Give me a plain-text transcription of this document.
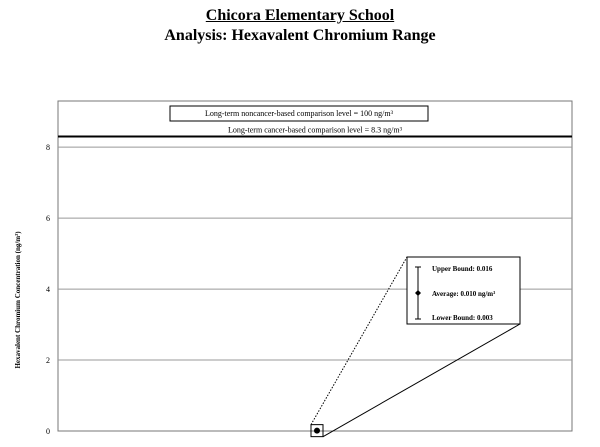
Chicora Elementary School
Analysis: Hexavalent Chromium Range
0
2
4
6
8
Long-term noncancer-based comparison level = 100 ng/m³
Long-term cancer-based comparison level = 8.3 ng/m³
Hexavalent Chromium Concentration (ng/m³)	Upper Bound: 0.016
Average: 0.010 ng/m³
Lower Bound: 0.003
